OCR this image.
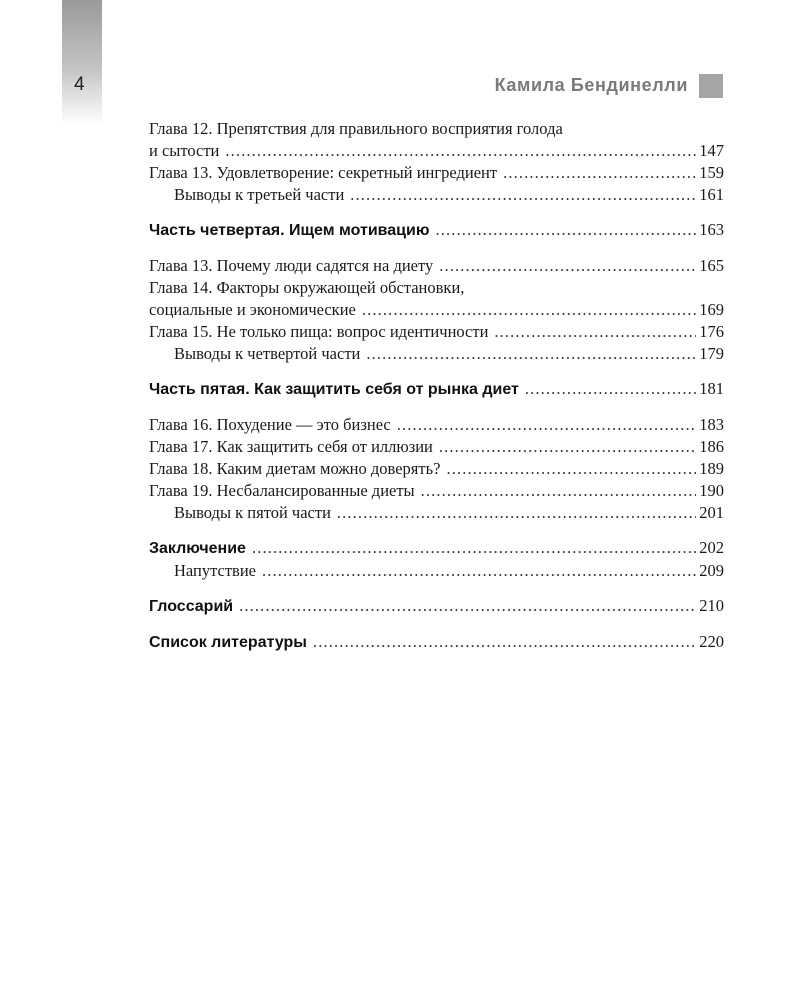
4	Камила Бендинелли
Глава 12. Препятствия для правильного восприятия голода
и сытости . . .	147
Глава 13. Удовлетворение: секретный ингредиент . . .	159
Выводы к третьей части . . .	161
Часть четвертая. Ищем мотивацию . . .	163
Глава 13. Почему люди садятся на диету . . .	165
Глава 14. Факторы окружающей обстановки,
социальные и экономические . . .	169
Глава 15. Не только пища: вопрос идентичности . . .	176
Выводы к четвертой части . . .	179
Часть пятая. Как защитить себя от рынка диет . . .	181
Глава 16. Похудение — это бизнес . . .	183
Глава 17. Как защитить себя от иллюзии . . .	186
Глава 18. Каким диетам можно доверять? . . .	189
Глава 19. Несбалансированные диеты . . .	190
Выводы к пятой части . . .	201
Заключение . . .	202
Напутствие . . .	209
Глоссарий . . .	210
Список литературы . . .	220
